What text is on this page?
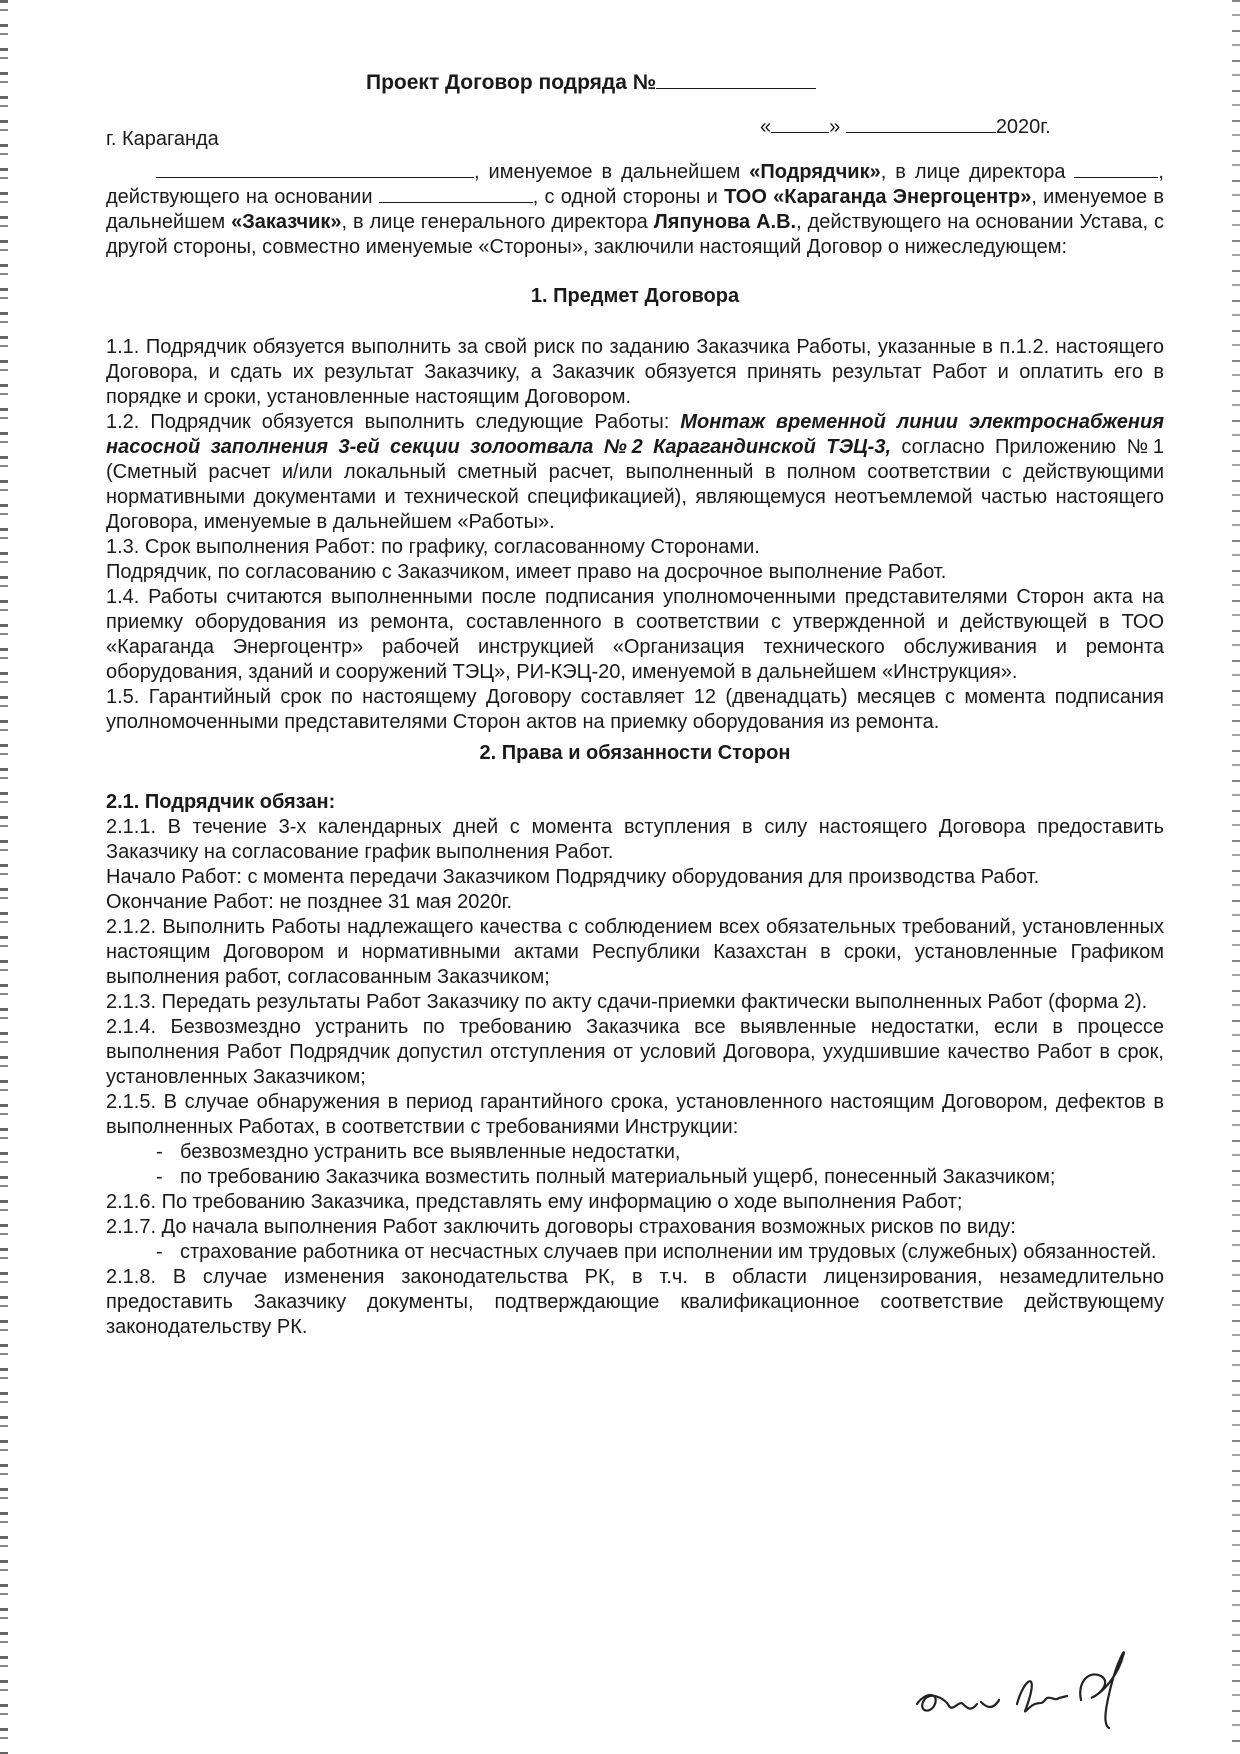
Проект Договор подряда №
г. Караганда
«	»	2020г.

, именуемое в дальнейшем «Подрядчик», в лице директора	, действующего на основании	, с одной стороны и ТОО «Караганда Энергоцентр», именуемое в дальнейшем «Заказчик», в лице генерального директора Ляпунова А.В., действующего на основании Устава, с другой стороны, совместно именуемые «Стороны», заключили настоящий Договор о нижеследующем:

1. Предмет Договора

1.1. Подрядчик обязуется выполнить за свой риск по заданию Заказчика Работы, указанные в п.1.2. настоящего Договора, и сдать их результат Заказчику, а Заказчик обязуется принять результат Работ и оплатить его в порядке и сроки, установленные настоящим Договором.

1.2. Подрядчик обязуется выполнить следующие Работы: Монтаж временной линии электроснабжения насосной заполнения 3-ей секции золоотвала №2 Карагандинской ТЭЦ-3, согласно Приложению №1 (Сметный расчет и/или локальный сметный расчет, выполненный в полном соответствии с действующими нормативными документами и технической спецификацией), являющемуся неотъемлемой частью настоящего Договора, именуемые в дальнейшем «Работы».

1.3. Срок выполнения Работ: по графику, согласованному Сторонами.

Подрядчик, по согласованию с Заказчиком, имеет право на досрочное выполнение Работ.

1.4. Работы считаются выполненными после подписания уполномоченными представителями Сторон акта на приемку оборудования из ремонта, составленного в соответствии с утвержденной и действующей в ТОО «Караганда Энергоцентр» рабочей инструкцией «Организация технического обслуживания и ремонта оборудования, зданий и сооружений ТЭЦ», РИ-КЭЦ-20, именуемой в дальнейшем «Инструкция».

1.5. Гарантийный срок по настоящему Договору составляет 12 (двенадцать) месяцев с момента подписания уполномоченными представителями Сторон актов на приемку оборудования из ремонта.

2. Права и обязанности Сторон

2.1. Подрядчик обязан:

2.1.1. В течение 3-х календарных дней с момента вступления в силу настоящего Договора предоставить Заказчику на согласование график выполнения Работ.

Начало Работ: с момента передачи Заказчиком Подрядчику оборудования для производства Работ.

Окончание Работ: не позднее 31 мая 2020г.

2.1.2. Выполнить Работы надлежащего качества с соблюдением всех обязательных требований, установленных настоящим Договором и нормативными актами Республики Казахстан в сроки, установленные Графиком выполнения работ, согласованным Заказчиком;

2.1.3. Передать результаты Работ Заказчику по акту сдачи-приемки фактически выполненных Работ (форма 2).

2.1.4. Безвозмездно устранить по требованию Заказчика все выявленные недостатки, если в процессе выполнения Работ Подрядчик допустил отступления от условий Договора, ухудшившие качество Работ в срок, установленных Заказчиком;

2.1.5. В случае обнаружения в период гарантийного срока, установленного настоящим Договором, дефектов в выполненных Работах, в соответствии с требованиями Инструкции:

- безвозмездно устранить все выявленные недостатки,

- по требованию Заказчика возместить полный материальный ущерб, понесенный Заказчиком;

2.1.6. По требованию Заказчика, представлять ему информацию о ходе выполнения Работ;

2.1.7. До начала выполнения Работ заключить договоры страхования возможных рисков по виду:

- страхование работника от несчастных случаев при исполнении им трудовых (служебных) обязанностей.

2.1.8. В случае изменения законодательства РК, в т.ч. в области лицензирования, незамедлительно предоставить Заказчику документы, подтверждающие квалификационное соответствие действующему законодательству РК.
